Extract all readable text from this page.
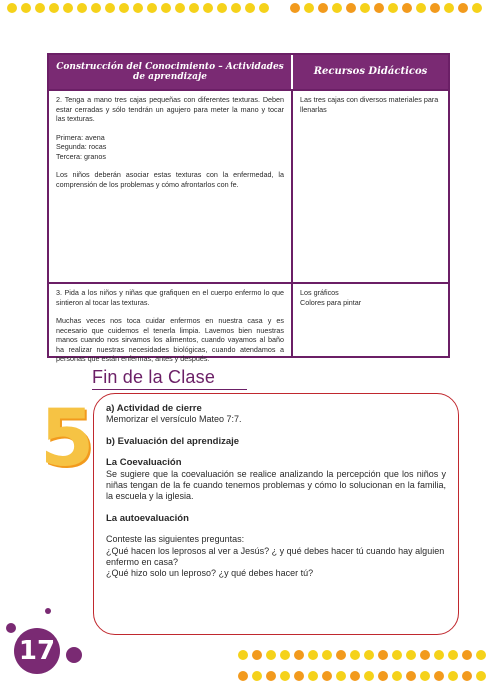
Construcción del Conocimiento – Actividades de aprendizaje	Recursos Didácticos

2. Tenga a mano tres cajas pequeñas con diferentes texturas. Deben estar cerradas y sólo tendrán un agujero para meter la mano y tocar las texturas.

Primera: avena

Segunda: rocas

Tercera: granos

Los niños deberán asociar estas texturas con la enfermedad, la comprensión de los problemas y cómo afrontarlos con fe.

Las tres cajas con diversos materiales para llenarlas

3. Pida a los niños y niñas que grafiquen en el cuerpo enfermo lo que sintieron al tocar las texturas.

Muchas veces nos toca cuidar enfermos en nuestra casa y es necesario que cuidemos el tenerla limpia. Lavemos bien nuestras manos cuando nos sirvamos los alimentos, cuando vayamos al baño ha realizar nuestras necesidades biológicas, cuando atendamos a personas que están enfermas; antes y después.

Los gráficos

Colores para pintar

Fin de la Clase
5 a) Actividad de cierre
Memorizar el versículo Mateo 7:7.
b) Evaluación del aprendizaje
La Coevaluación
Se sugiere que la coevaluación se realice analizando la percepción que los niños y niñas tengan de la fe cuando tenemos problemas y cómo lo solucionan en la familia, la escuela y la iglesia.
La autoevaluación
Conteste las siguientes preguntas:
¿Qué hacen los leprosos al ver a Jesús? ¿ y qué debes hacer tú cuando hay alguien enfermo en casa?
¿Qué hizo solo un leproso? ¿y qué debes hacer tú?
17
